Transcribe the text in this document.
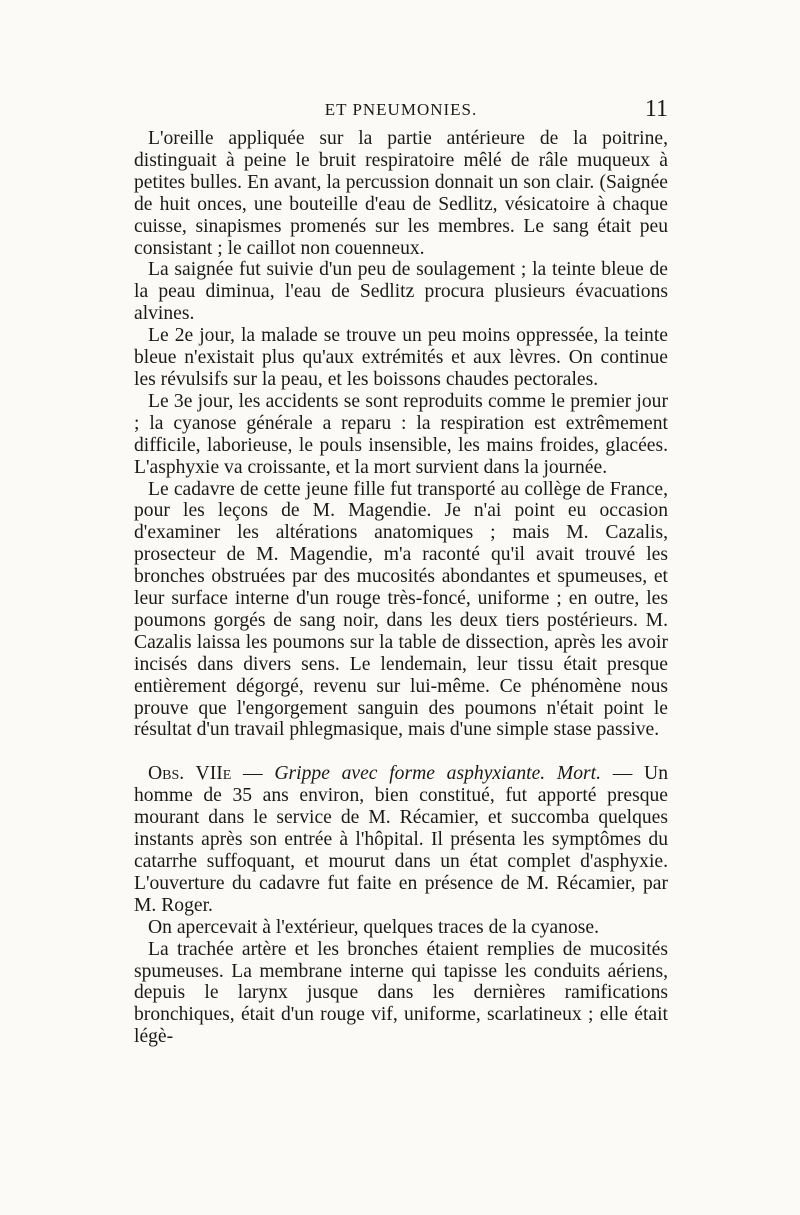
ET PNEUMONIES.	11

L'oreille appliquée sur la partie antérieure de la poitrine, distinguait à peine le bruit respiratoire mêlé de râle muqueux à petites bulles. En avant, la percussion donnait un son clair. (Saignée de huit onces, une bouteille d'eau de Sedlitz, vésicatoire à chaque cuisse, sinapismes promenés sur les membres. Le sang était peu consistant ; le caillot non couenneux.

La saignée fut suivie d'un peu de soulagement ; la teinte bleue de la peau diminua, l'eau de Sedlitz procura plusieurs évacuations alvines.

Le 2e jour, la malade se trouve un peu moins oppressée, la teinte bleue n'existait plus qu'aux extrémités et aux lèvres. On continue les révulsifs sur la peau, et les boissons chaudes pectorales.

Le 3e jour, les accidents se sont reproduits comme le premier jour ; la cyanose générale a reparu : la respiration est extrêmement difficile, laborieuse, le pouls insensible, les mains froides, glacées. L'asphyxie va croissante, et la mort survient dans la journée.

Le cadavre de cette jeune fille fut transporté au collège de France, pour les leçons de M. Magendie. Je n'ai point eu occasion d'examiner les altérations anatomiques ; mais M. Cazalis, prosecteur de M. Magendie, m'a raconté qu'il avait trouvé les bronches obstruées par des mucosités abondantes et spumeuses, et leur surface interne d'un rouge très-foncé, uniforme ; en outre, les poumons gorgés de sang noir, dans les deux tiers postérieurs. M. Cazalis laissa les poumons sur la table de dissection, après les avoir incisés dans divers sens. Le lendemain, leur tissu était presque entièrement dégorgé, revenu sur lui-même. Ce phénomène nous prouve que l'engorgement sanguin des poumons n'était point le résultat d'un travail phlegmasique, mais d'une simple stase passive.

Obs. VIIe — Grippe avec forme asphyxiante. Mort. — Un homme de 35 ans environ, bien constitué, fut apporté presque mourant dans le service de M. Récamier, et succomba quelques instants après son entrée à l'hôpital. Il présenta les symptômes du catarrhe suffoquant, et mourut dans un état complet d'asphyxie. L'ouverture du cadavre fut faite en présence de M. Récamier, par M. Roger.

On apercevait à l'extérieur, quelques traces de la cyanose.

La trachée artère et les bronches étaient remplies de mucosités spumeuses. La membrane interne qui tapisse les conduits aériens, depuis le larynx jusque dans les dernières ramifications bronchiques, était d'un rouge vif, uniforme, scarlatineux ; elle était légè-
